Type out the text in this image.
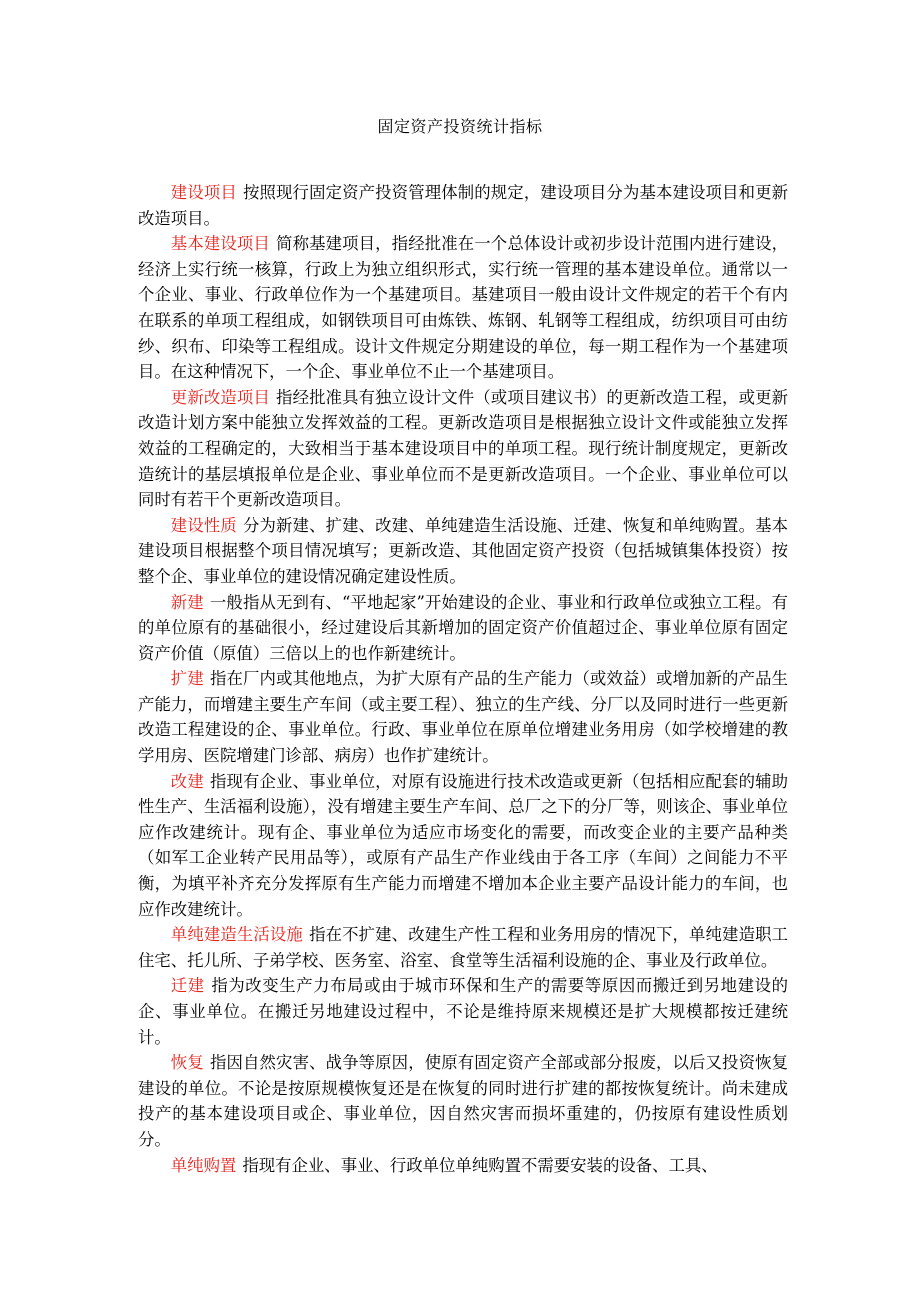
固定资产投资统计指标

建设项目 按照现行固定资产投资管理体制的规定，建设项目分为基本建设项目和更新改造项目。

基本建设项目 简称基建项目，指经批准在一个总体设计或初步设计范围内进行建设，经济上实行统一核算，行政上为独立组织形式，实行统一管理的基本建设单位。通常以一个企业、事业、行政单位作为一个基建项目。基建项目一般由设计文件规定的若干个有内在联系的单项工程组成，如钢铁项目可由炼铁、炼钢、轧钢等工程组成，纺织项目可由纺纱、织布、印染等工程组成。设计文件规定分期建设的单位，每一期工程作为一个基建项目。在这种情况下，一个企、事业单位不止一个基建项目。

更新改造项目 指经批准具有独立设计文件（或项目建议书）的更新改造工程，或更新改造计划方案中能独立发挥效益的工程。更新改造项目是根据独立设计文件或能独立发挥效益的工程确定的，大致相当于基本建设项目中的单项工程。现行统计制度规定，更新改造统计的基层填报单位是企业、事业单位而不是更新改造项目。一个企业、事业单位可以同时有若干个更新改造项目。

建设性质 分为新建、扩建、改建、单纯建造生活设施、迁建、恢复和单纯购置。基本建设项目根据整个项目情况填写；更新改造、其他固定资产投资（包括城镇集体投资）按整个企、事业单位的建设情况确定建设性质。

新建 一般指从无到有、“平地起家”开始建设的企业、事业和行政单位或独立工程。有的单位原有的基础很小，经过建设后其新增加的固定资产价值超过企、事业单位原有固定资产价值（原值）三倍以上的也作新建统计。

扩建 指在厂内或其他地点，为扩大原有产品的生产能力（或效益）或增加新的产品生产能力，而增建主要生产车间（或主要工程）、独立的生产线、分厂以及同时进行一些更新改造工程建设的企、事业单位。行政、事业单位在原单位增建业务用房（如学校增建的教学用房、医院增建门诊部、病房）也作扩建统计。

改建 指现有企业、事业单位，对原有设施进行技术改造或更新（包括相应配套的辅助性生产、生活福利设施），没有增建主要生产车间、总厂之下的分厂等，则该企、事业单位应作改建统计。现有企、事业单位为适应市场变化的需要，而改变企业的主要产品种类（如军工企业转产民用品等），或原有产品生产作业线由于各工序（车间）之间能力不平衡，为填平补齐充分发挥原有生产能力而增建不增加本企业主要产品设计能力的车间，也应作改建统计。

单纯建造生活设施 指在不扩建、改建生产性工程和业务用房的情况下，单纯建造职工住宅、托儿所、子弟学校、医务室、浴室、食堂等生活福利设施的企、事业及行政单位。

迁建 指为改变生产力布局或由于城市环保和生产的需要等原因而搬迁到另地建设的企、事业单位。在搬迁另地建设过程中，不论是维持原来规模还是扩大规模都按迁建统计。

恢复 指因自然灾害、战争等原因，使原有固定资产全部或部分报废，以后又投资恢复建设的单位。不论是按原规模恢复还是在恢复的同时进行扩建的都按恢复统计。尚未建成投产的基本建设项目或企、事业单位，因自然灾害而损坏重建的，仍按原有建设性质划分。

单纯购置 指现有企业、事业、行政单位单纯购置不需要安装的设备、工具、
